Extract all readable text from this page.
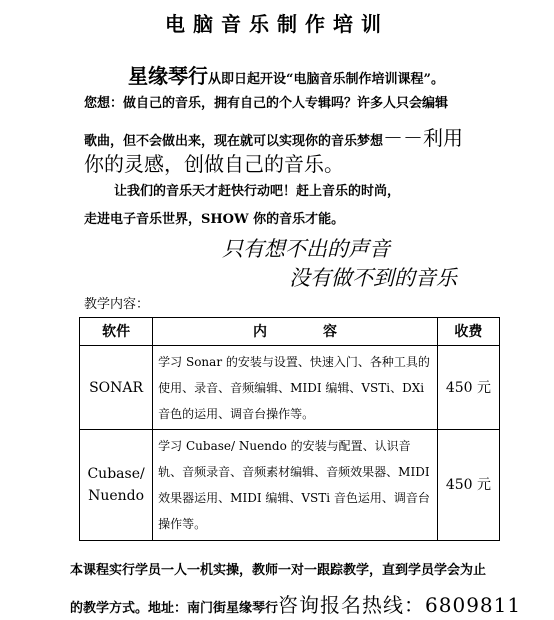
电脑音乐制作培训
星缘琴行从即日起开设“电脑音乐制作培训课程”。
您想：做自己的音乐，拥有自己的个人专辑吗？许多人只会编辑
歌曲，但不会做出来，现在就可以实现你的音乐梦想－－利用
你的灵感，创做自己的音乐。
让我们的音乐天才赶快行动吧！赶上音乐的时尚，
走进电子音乐世界，SHOW 你的音乐才能。
只有想不出的声音
没有做不到的音乐
教学内容：
软件	内　　　　容	收费
SONAR	学习 Sonar 的安装与设置、快速入门、各种工具的使用、录音、音频编辑、MIDI 编辑、VSTi、DXi 音色的运用、调音台操作等。	450 元
Cubase/ Nuendo	学习 Cubase/ Nuendo 的安装与配置、认识音轨、音频录音、音频素材编辑、音频效果器、MIDI 效果器运用、MIDI 编辑、VSTi 音色运用、调音台操作等。	450 元
本课程实行学员一人一机实操，教师一对一跟踪教学，直到学员学会为止
的教学方式。地址：南门街星缘琴行咨询报名热线：6809811
